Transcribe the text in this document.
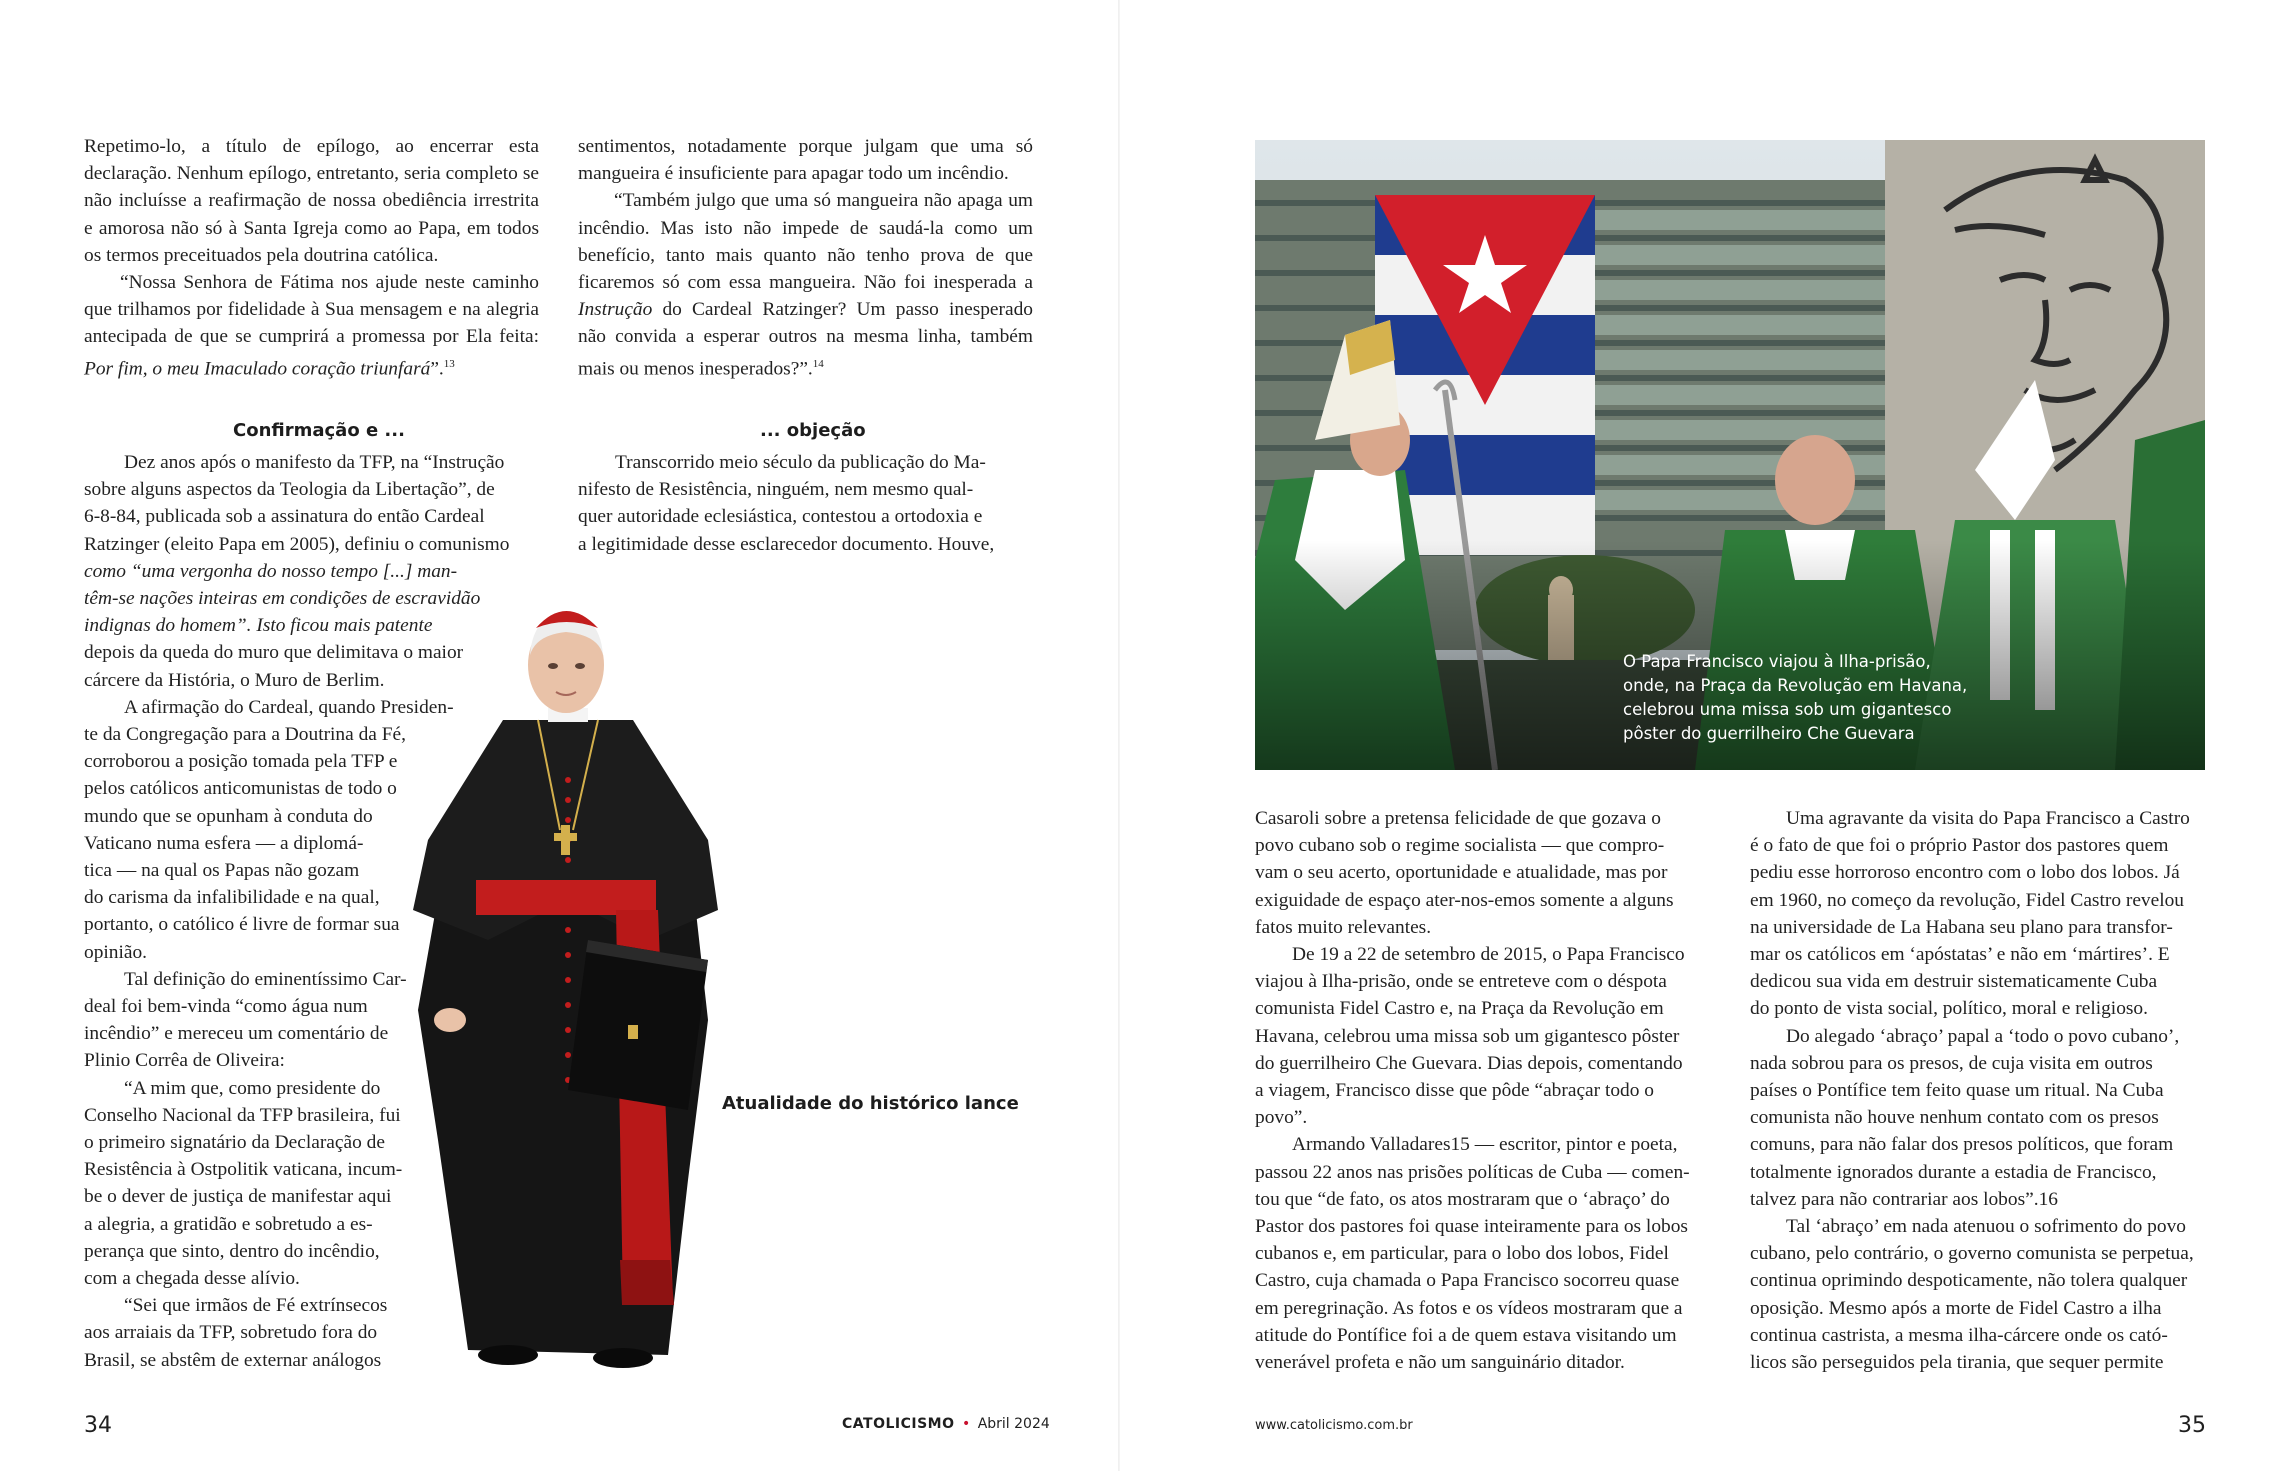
Repetimo-lo, a título de epílogo, ao encerrar esta declaração. Nenhum epílogo, entretanto, seria completo se não incluísse a reafirmação de nossa obediência irrestrita e amorosa não só à Santa Igreja como ao Papa, em todos os termos preceituados pela doutrina católica.

“Nossa Senhora de Fátima nos ajude neste caminho que trilhamos por fidelidade à Sua mensagem e na alegria antecipada de que se cumprirá a promessa por Ela feita: Por fim, o meu Imaculado coração triunfará”.$^{13}$

sentimentos, notadamente porque julgam que uma só mangueira é insuficiente para apagar todo um incêndio.

“Também julgo que uma só mangueira não apaga um incêndio. Mas isto não impede de saudá-la como um benefício, tanto mais quanto não tenho prova de que ficaremos só com essa mangueira. Não foi inesperada a Instrução do Cardeal Ratzinger? Um passo inesperado não convida a esperar outros na mesma linha, também mais ou menos inesperados?”.$^{14}$

Confirmação e ...	... objeção
Dez anos após o manifesto da TFP, na “Instrução
sobre alguns aspectos da Teologia da Libertação”, de
6-8-84, publicada sob a assinatura do então Cardeal
Ratzinger (eleito Papa em 2005), definiu o comunismo
como “uma vergonha do nosso tempo [...] man-
têm-se nações inteiras em condições de escravidão
indignas do homem”. Isto ficou mais patente
depois da queda do muro que delimitava o maior
cárcere da História, o Muro de Berlim.
A afirmação do Cardeal, quando Presiden-
te da Congregação para a Doutrina da Fé,
corroborou a posição tomada pela TFP e
pelos católicos anticomunistas de todo o
mundo que se opunham à conduta do
Vaticano numa esfera — a diplomá-
tica — na qual os Papas não gozam
do carisma da infalibilidade e na qual,
portanto, o católico é livre de formar sua
opinião.
Tal definição do eminentíssimo Car-
deal foi bem-vinda “como água num
incêndio” e mereceu um comentário de
Plinio Corrêa de Oliveira:
“A mim que, como presidente do
Conselho Nacional da TFP brasileira, fui
o primeiro signatário da Declaração de
Resistência à Ostpolitik vaticana, incum-
be o dever de justiça de manifestar aqui
a alegria, a gratidão e sobretudo a es-
perança que sinto, dentro do incêndio,
com a chegada desse alívio.
“Sei que irmãos de Fé extrínsecos
aos arraiais da TFP, sobretudo fora do
Brasil, se abstêm de externar análogos
Transcorrido meio século da publicação do Ma-
nifesto de Resistência, ninguém, nem mesmo qual-
quer autoridade eclesiástica, contestou a ortodoxia e
a legitimidade desse esclarecedor documento. Houve,
Atualidade do histórico lance
34	CATOLICISMO • Abril 2024
O Papa Francisco viajou à Ilha-prisão,
onde, na Praça da Revolução em Havana,
celebrou uma missa sob um gigantesco
pôster do guerrilheiro Che Guevara
Casaroli sobre a pretensa felicidade de que gozava o
povo cubano sob o regime socialista — que compro-
vam o seu acerto, oportunidade e atualidade, mas por
exiguidade de espaço ater-nos-emos somente a alguns
fatos muito relevantes.
De 19 a 22 de setembro de 2015, o Papa Francisco
viajou à Ilha-prisão, onde se entreteve com o déspota
comunista Fidel Castro e, na Praça da Revolução em
Havana, celebrou uma missa sob um gigantesco pôster
do guerrilheiro Che Guevara. Dias depois, comentando
a viagem, Francisco disse que pôde “abraçar todo o
povo”.
Armando Valladares15 — escritor, pintor e poeta,
passou 22 anos nas prisões políticas de Cuba — comen-
tou que “de fato, os atos mostraram que o ‘abraço’ do
Pastor dos pastores foi quase inteiramente para os lobos
cubanos e, em particular, para o lobo dos lobos, Fidel
Castro, cuja chamada o Papa Francisco socorreu quase
em peregrinação. As fotos e os vídeos mostraram que a
atitude do Pontífice foi a de quem estava visitando um
venerável profeta e não um sanguinário ditador.
Uma agravante da visita do Papa Francisco a Castro
é o fato de que foi o próprio Pastor dos pastores quem
pediu esse horroroso encontro com o lobo dos lobos. Já
em 1960, no começo da revolução, Fidel Castro revelou
na universidade de La Habana seu plano para transfor-
mar os católicos em ‘apóstatas’ e não em ‘mártires’. E
dedicou sua vida em destruir sistematicamente Cuba
do ponto de vista social, político, moral e religioso.
Do alegado ‘abraço’ papal a ‘todo o povo cubano’,
nada sobrou para os presos, de cuja visita em outros
países o Pontífice tem feito quase um ritual. Na Cuba
comunista não houve nenhum contato com os presos
comuns, para não falar dos presos políticos, que foram
totalmente ignorados durante a estadia de Francisco,
talvez para não contrariar aos lobos”.16
Tal ‘abraço’ em nada atenuou o sofrimento do povo
cubano, pelo contrário, o governo comunista se perpetua,
continua oprimindo despoticamente, não tolera qualquer
oposição. Mesmo após a morte de Fidel Castro a ilha
continua castrista, a mesma ilha-cárcere onde os cató-
licos são perseguidos pela tirania, que sequer permite
www.catolicismo.com.br	35
